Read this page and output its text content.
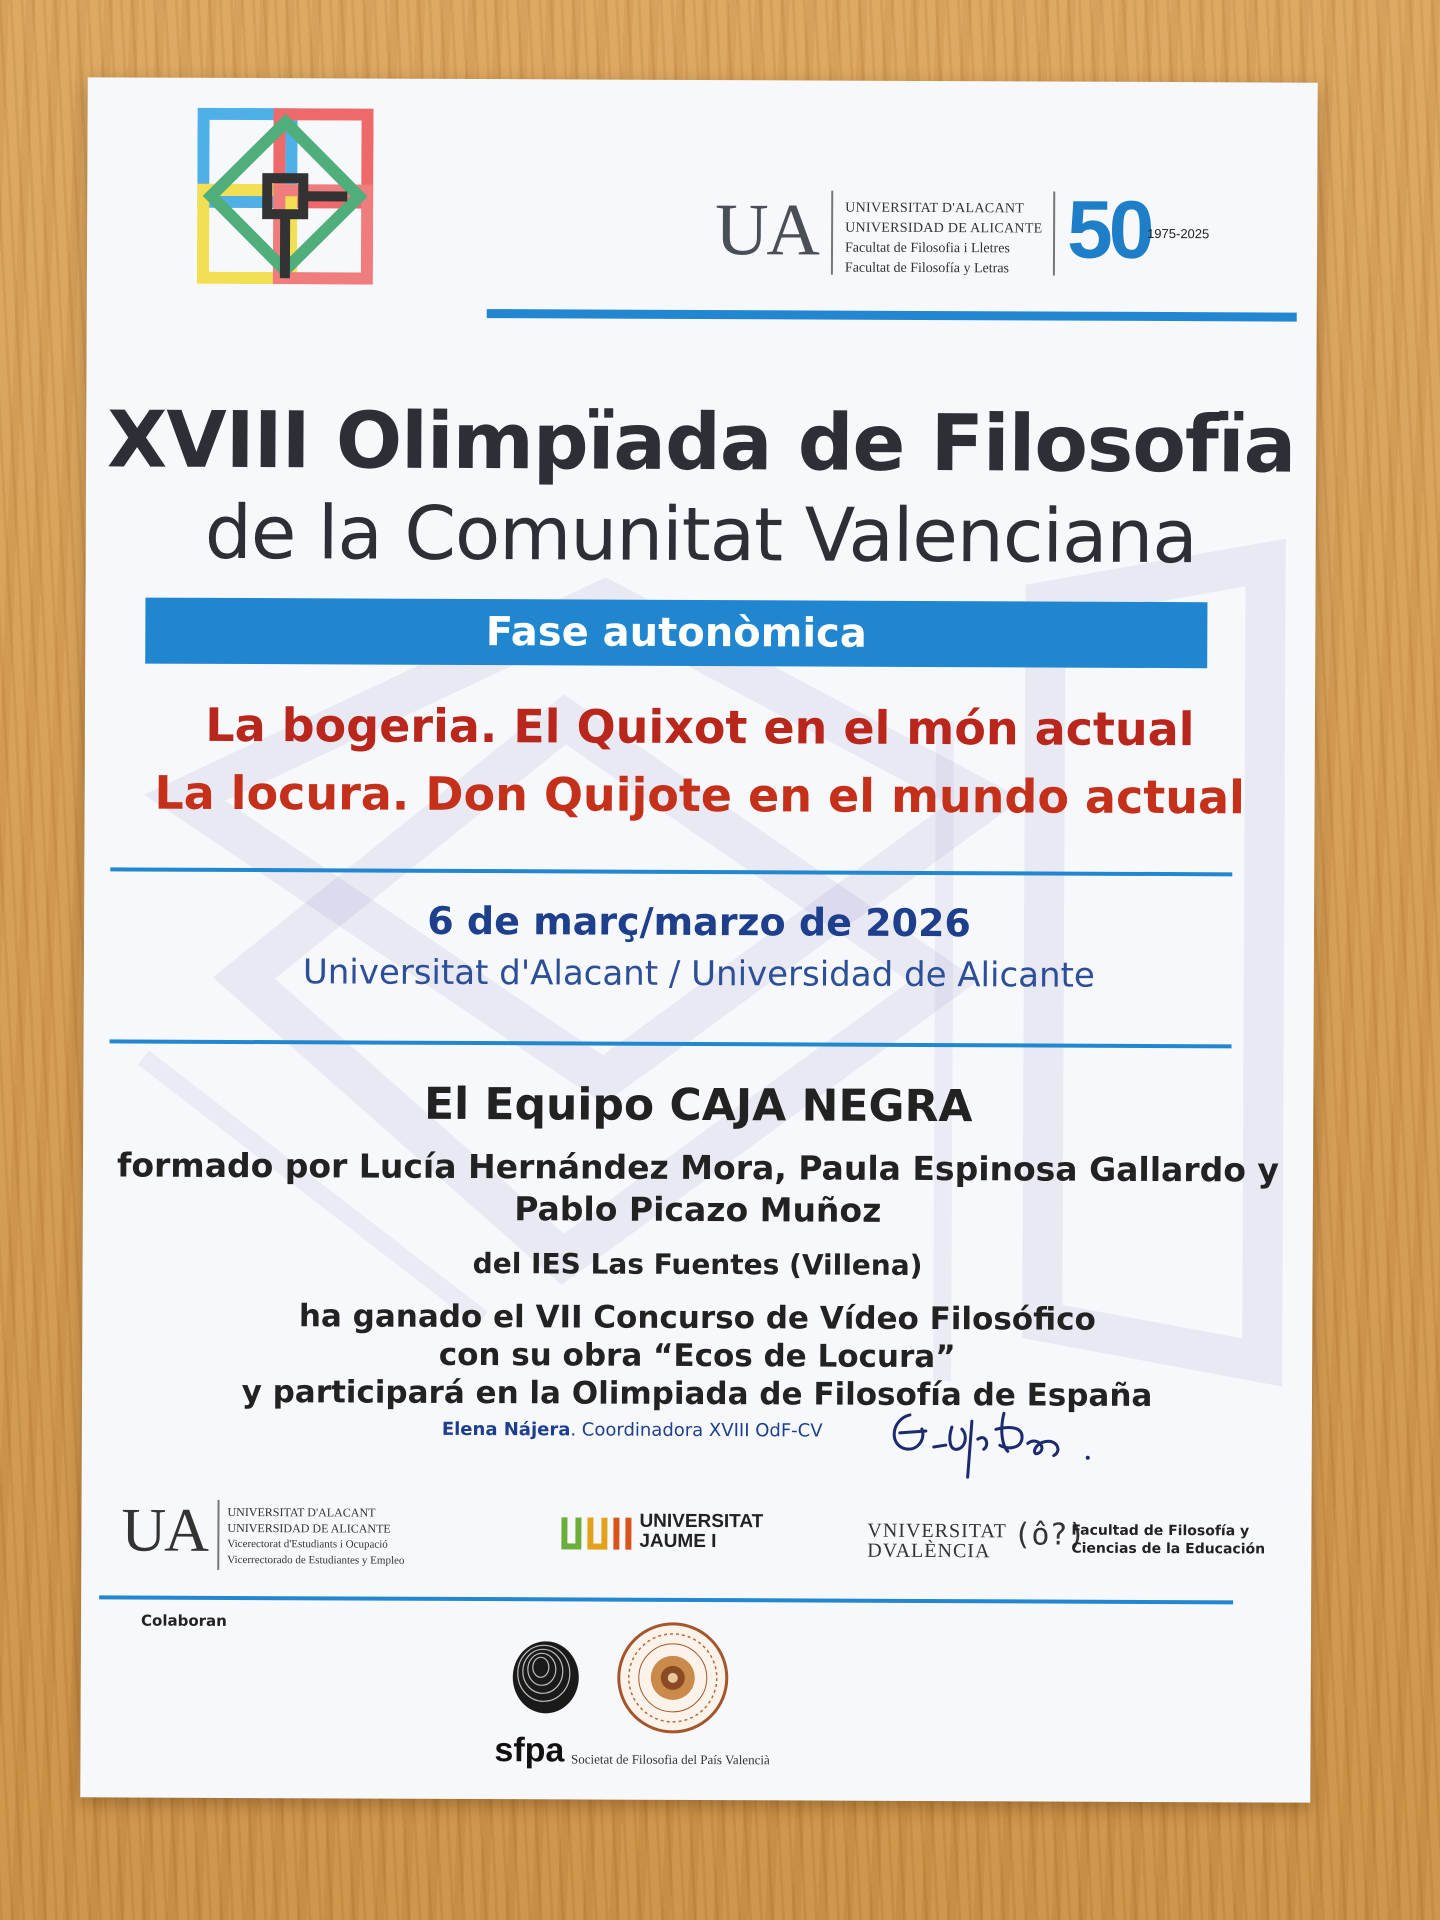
UA UNIVERSITAT D'ALACANT
UNIVERSIDAD DE ALICANTE
Facultat de Filosofia i Lletres
Facultat de Filosofía y Letras 50
1975-2025
XVIII Olimpïada de Filosofïa
de la Comunitat Valenciana
Fase autonòmica
La bogeria. El Quixot en el món actual
La locura. Don Quijote en el mundo actual
6 de març/marzo de 2026
Universitat d'Alacant / Universidad de Alicante
El Equipo CAJA NEGRA
formado por Lucía Hernández Mora, Paula Espinosa Gallardo y
Pablo Picazo Muñoz
del IES Las Fuentes (Villena)
ha ganado el VII Concurso de Vídeo Filosófico
con su obra “Ecos de Locura”
y participará en la Olimpiada de Filosofía de España
Elena Nájera. Coordinadora XVIII OdF-CV
UA UNIVERSITAT D'ALACANT
UNIVERSIDAD DE ALICANTE
Vicerectorat d'Estudiants i Ocupació
Vicerrectorado de Estudiantes y Empleo
UNIVERSITAT
JAUME I	VNIVERSITAT
DVALÈNCIA (ô?)
Facultad de Filosofía y
Ciencias de la Educación
Colaboran
sfpa Societat de Filosofia del País Valencià
